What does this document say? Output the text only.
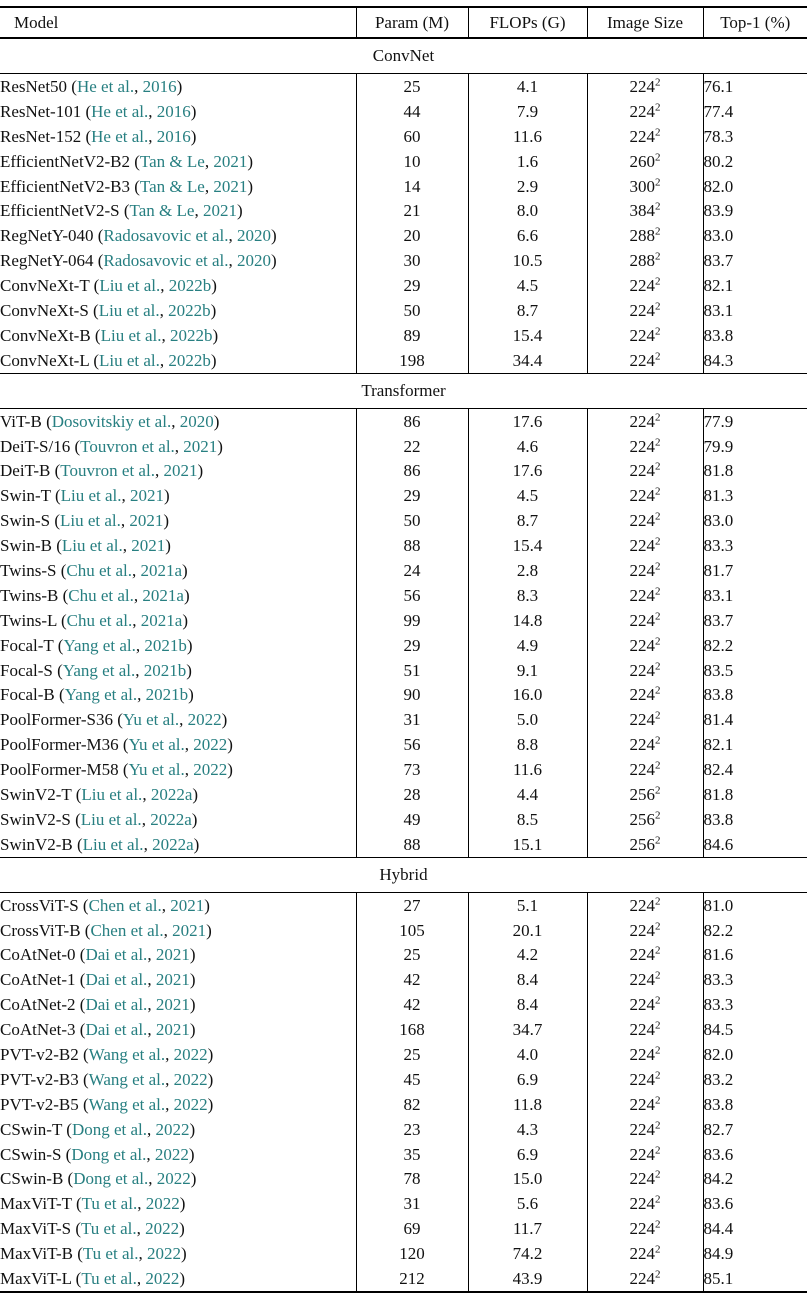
Model	Param (M)	FLOPs (G)	Image Size	Top-1 (%)
ConvNet				
ResNet50 (He et al., 2016)	25	4.1	$224^2$	76.1
ResNet-101 (He et al., 2016)	44	7.9	$224^2$	77.4
ResNet-152 (He et al., 2016)	60	11.6	$224^2$	78.3
EfficientNetV2-B2 (Tan & Le, 2021)	10	1.6	$260^2$	80.2
EfficientNetV2-B3 (Tan & Le, 2021)	14	2.9	$300^2$	82.0
EfficientNetV2-S (Tan & Le, 2021)	21	8.0	$384^2$	83.9
RegNetY-040 (Radosavovic et al., 2020)	20	6.6	$288^2$	83.0
RegNetY-064 (Radosavovic et al., 2020)	30	10.5	$288^2$	83.7
ConvNeXt-T (Liu et al., 2022b)	29	4.5	$224^2$	82.1
ConvNeXt-S (Liu et al., 2022b)	50	8.7	$224^2$	83.1
ConvNeXt-B (Liu et al., 2022b)	89	15.4	$224^2$	83.8
ConvNeXt-L (Liu et al., 2022b)	198	34.4	$224^2$	84.3
Transformer				
ViT-B (Dosovitskiy et al., 2020)	86	17.6	$224^2$	77.9
DeiT-S/16 (Touvron et al., 2021)	22	4.6	$224^2$	79.9
DeiT-B (Touvron et al., 2021)	86	17.6	$224^2$	81.8
Swin-T (Liu et al., 2021)	29	4.5	$224^2$	81.3
Swin-S (Liu et al., 2021)	50	8.7	$224^2$	83.0
Swin-B (Liu et al., 2021)	88	15.4	$224^2$	83.3
Twins-S (Chu et al., 2021a)	24	2.8	$224^2$	81.7
Twins-B (Chu et al., 2021a)	56	8.3	$224^2$	83.1
Twins-L (Chu et al., 2021a)	99	14.8	$224^2$	83.7
Focal-T (Yang et al., 2021b)	29	4.9	$224^2$	82.2
Focal-S (Yang et al., 2021b)	51	9.1	$224^2$	83.5
Focal-B (Yang et al., 2021b)	90	16.0	$224^2$	83.8
PoolFormer-S36 (Yu et al., 2022)	31	5.0	$224^2$	81.4
PoolFormer-M36 (Yu et al., 2022)	56	8.8	$224^2$	82.1
PoolFormer-M58 (Yu et al., 2022)	73	11.6	$224^2$	82.4
SwinV2-T (Liu et al., 2022a)	28	4.4	$256^2$	81.8
SwinV2-S (Liu et al., 2022a)	49	8.5	$256^2$	83.8
SwinV2-B (Liu et al., 2022a)	88	15.1	$256^2$	84.6
Hybrid				
CrossViT-S (Chen et al., 2021)	27	5.1	$224^2$	81.0
CrossViT-B (Chen et al., 2021)	105	20.1	$224^2$	82.2
CoAtNet-0 (Dai et al., 2021)	25	4.2	$224^2$	81.6
CoAtNet-1 (Dai et al., 2021)	42	8.4	$224^2$	83.3
CoAtNet-2 (Dai et al., 2021)	42	8.4	$224^2$	83.3
CoAtNet-3 (Dai et al., 2021)	168	34.7	$224^2$	84.5
PVT-v2-B2 (Wang et al., 2022)	25	4.0	$224^2$	82.0
PVT-v2-B3 (Wang et al., 2022)	45	6.9	$224^2$	83.2
PVT-v2-B5 (Wang et al., 2022)	82	11.8	$224^2$	83.8
CSwin-T (Dong et al., 2022)	23	4.3	$224^2$	82.7
CSwin-S (Dong et al., 2022)	35	6.9	$224^2$	83.6
CSwin-B (Dong et al., 2022)	78	15.0	$224^2$	84.2
MaxViT-T (Tu et al., 2022)	31	5.6	$224^2$	83.6
MaxViT-S (Tu et al., 2022)	69	11.7	$224^2$	84.4
MaxViT-B (Tu et al., 2022)	120	74.2	$224^2$	84.9
MaxViT-L (Tu et al., 2022)	212	43.9	$224^2$	85.1
